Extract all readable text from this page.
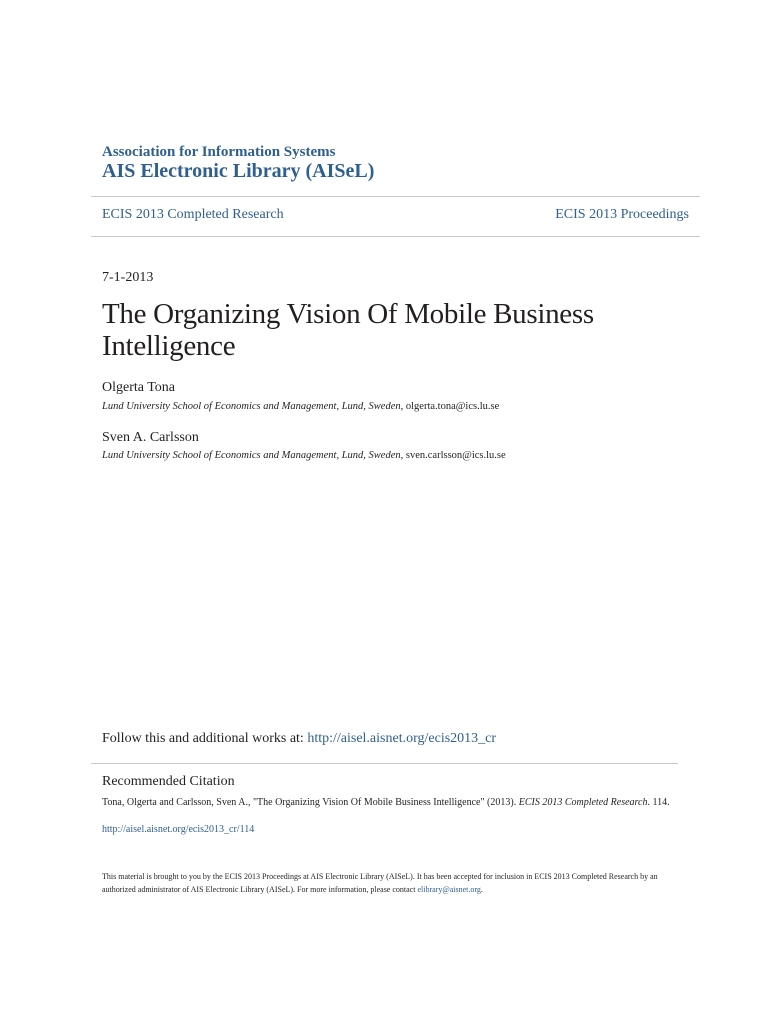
Association for Information Systems
AIS Electronic Library (AISeL)
ECIS 2013 Completed Research	ECIS 2013 Proceedings
7-1-2013
The Organizing Vision Of Mobile Business Intelligence
Olgerta Tona
Lund University School of Economics and Management, Lund, Sweden, olgerta.tona@ics.lu.se
Sven A. Carlsson
Lund University School of Economics and Management, Lund, Sweden, sven.carlsson@ics.lu.se
Follow this and additional works at: http://aisel.aisnet.org/ecis2013_cr
Recommended Citation
Tona, Olgerta and Carlsson, Sven A., "The Organizing Vision Of Mobile Business Intelligence" (2013). ECIS 2013 Completed Research. 114.
http://aisel.aisnet.org/ecis2013_cr/114
This material is brought to you by the ECIS 2013 Proceedings at AIS Electronic Library (AISeL). It has been accepted for inclusion in ECIS 2013 Completed Research by an authorized administrator of AIS Electronic Library (AISeL). For more information, please contact elibrary@aisnet.org.
